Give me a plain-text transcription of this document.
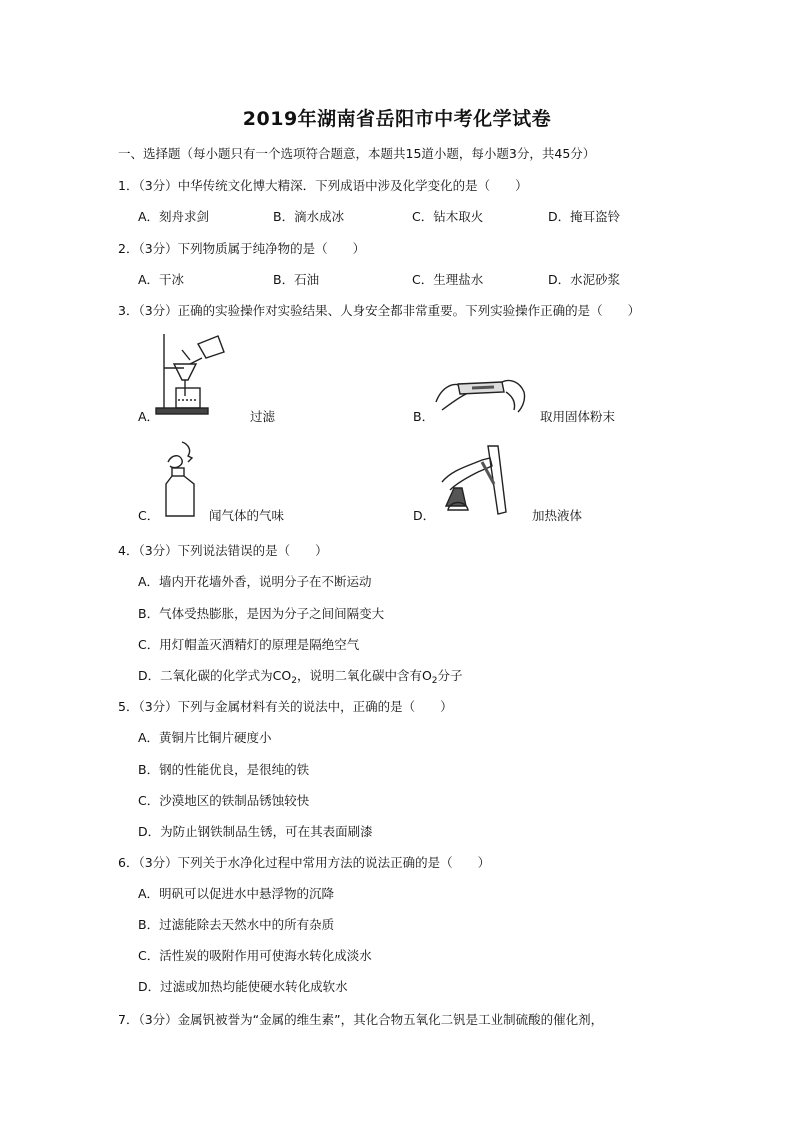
2019年湖南省岳阳市中考化学试卷
一、选择题（每小题只有一个选项符合题意，本题共15道小题，每小题3分，共45分）
1．（3分）中华传统文化博大精深．下列成语中涉及化学变化的是（　　）
A．刻舟求剑	B．滴水成冰	C．钻木取火	D．掩耳盗铃
2．（3分）下列物质属于纯净物的是（　　）
A．干冰	B．石油	C．生理盐水	D．水泥砂浆
3．（3分）正确的实验操作对实验结果、人身安全都非常重要。下列实验操作正确的是（　　）
A．	过滤	B．	取用固体粉末
C．	闻气体的气味	D．	加热液体
4．（3分）下列说法错误的是（　　）
A．墙内开花墙外香，说明分子在不断运动
B．气体受热膨胀，是因为分子之间间隔变大
C．用灯帽盖灭酒精灯的原理是隔绝空气
D．二氧化碳的化学式为$CO_2$，说明二氧化碳中含有$O_2$分子
5．（3分）下列与金属材料有关的说法中，正确的是（　　）
A．黄铜片比铜片硬度小
B．钢的性能优良，是很纯的铁
C．沙漠地区的铁制品锈蚀较快
D．为防止钢铁制品生锈，可在其表面刷漆
6．（3分）下列关于水净化过程中常用方法的说法正确的是（　　）
A．明矾可以促进水中悬浮物的沉降
B．过滤能除去天然水中的所有杂质
C．活性炭的吸附作用可使海水转化成淡水
D．过滤或加热均能使硬水转化成软水
7．（3分）金属钒被誉为“金属的维生素”，其化合物五氧化二钒是工业制硫酸的催化剂，
